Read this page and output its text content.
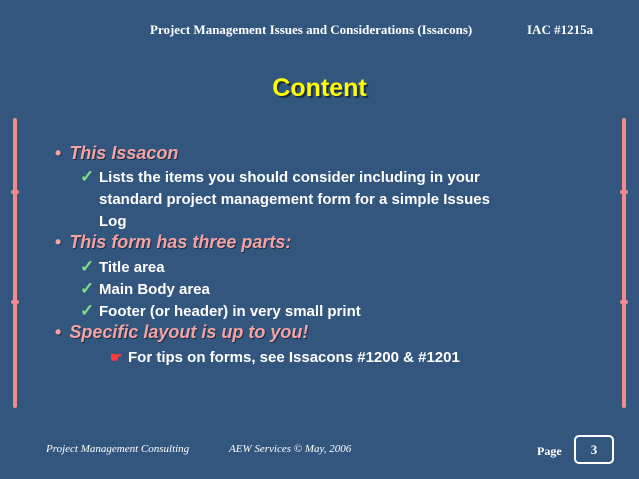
Project Management Issues and Considerations (Issacons)	IAC #1215a
Content
• This Issacon
✓ Lists the items you should consider including in your
standard project management form for a simple Issues
Log
• This form has three parts:
✓ Title area
✓ Main Body area
✓ Footer (or header) in very small print
• Specific layout is up to you!
☛ For tips on forms, see Issacons #1200 & #1201
Project Management Consulting	AEW Services © May, 2006	Page	3
